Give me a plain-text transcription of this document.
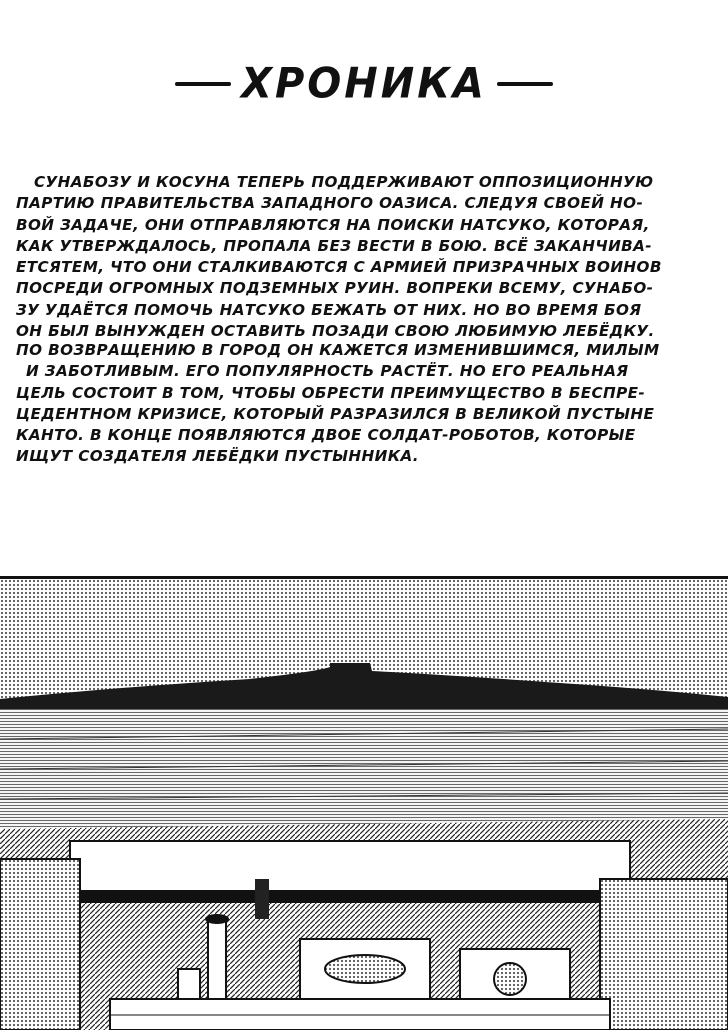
ХРОНИКА
СУНАБОЗУ И КОСУНА ТЕПЕРЬ ПОДДЕРЖИВАЮТ ОППОЗИЦИОННУЮ
ПАРТИЮ ПРАВИТЕЛЬСТВА ЗАПАДНОГО ОАЗИСА. СЛЕДУЯ СВОЕЙ НО-
ВОЙ ЗАДАЧЕ, ОНИ ОТПРАВЛЯЮТСЯ НА ПОИСКИ НАТСУКО, КОТОРАЯ,
КАК УТВЕРЖДАЛОСЬ, ПРОПАЛА БЕЗ ВЕСТИ В БОЮ. ВСЁ ЗАКАНЧИВА-
ЕТСЯТЕМ, ЧТО ОНИ СТАЛКИВАЮТСЯ С АРМИЕЙ ПРИЗРАЧНЫХ ВОИНОВ
ПОСРЕДИ ОГРОМНЫХ ПОДЗЕМНЫХ РУИН. ВОПРЕКИ ВСЕМУ, СУНАБО-
ЗУ УДАЁТСЯ ПОМОЧЬ НАТСУКО БЕЖАТЬ ОТ НИХ. НО ВО ВРЕМЯ БОЯ
ОН БЫЛ ВЫНУЖДЕН ОСТАВИТЬ ПОЗАДИ СВОЮ ЛЮБИМУЮ ЛЕБЁДКУ.
ПО ВОЗВРАЩЕНИЮ В ГОРОД ОН КАЖЕТСЯ ИЗМЕНИВШИМСЯ, МИЛЫМ
И ЗАБОТЛИВЫМ. ЕГО ПОПУЛЯРНОСТЬ РАСТЁТ. НО ЕГО РЕАЛЬНАЯ
ЦЕЛЬ СОСТОИТ В ТОМ, ЧТОБЫ ОБРЕСТИ ПРЕИМУЩЕСТВО В БЕСПРЕ-
ЦЕДЕНТНОМ КРИЗИСЕ, КОТОРЫЙ РАЗРАЗИЛСЯ В ВЕЛИКОЙ ПУСТЫНЕ
КАНТО. В КОНЦЕ ПОЯВЛЯЮТСЯ ДВОЕ СОЛДАТ-РОБОТОВ, КОТОРЫЕ
ИЩУТ СОЗДАТЕЛЯ ЛЕБЁДКИ ПУСТЫННИКА.
